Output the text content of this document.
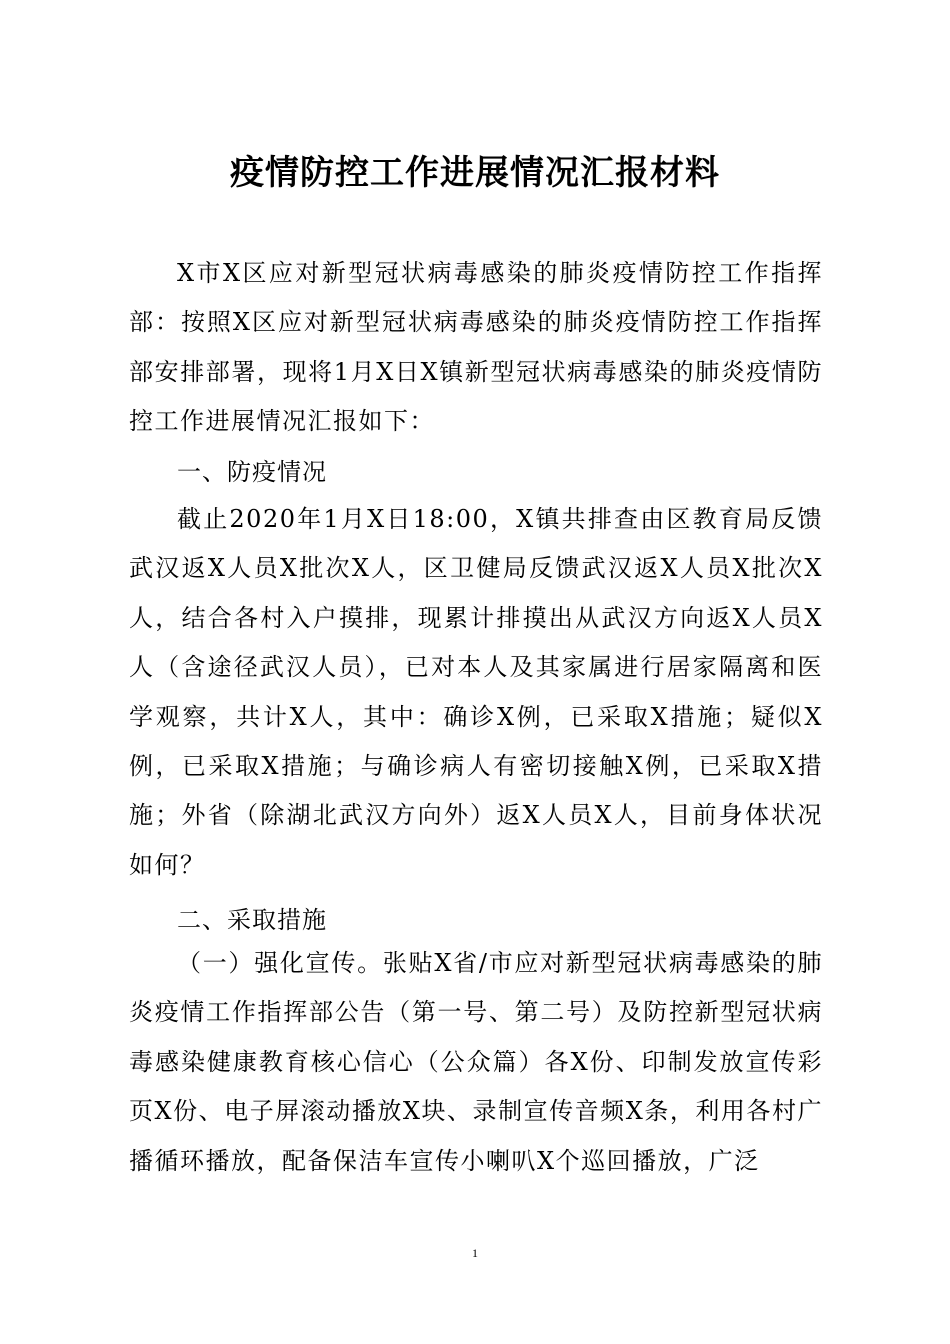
疫情防控工作进展情况汇报材料
X市X区应对新型冠状病毒感染的肺炎疫情防控工作指挥部：按照X区应对新型冠状病毒感染的肺炎疫情防控工作指挥部安排部署，现将1月X日X镇新型冠状病毒感染的肺炎疫情防控工作进展情况汇报如下：
一、防疫情况
截止2020年1月X日18:00，X镇共排查由区教育局反馈武汉返X人员X批次X人，区卫健局反馈武汉返X人员X批次X人，结合各村入户摸排，现累计排摸出从武汉方向返X人员X人（含途径武汉人员），已对本人及其家属进行居家隔离和医学观察，共计X人，其中：确诊X例，已采取X措施；疑似X例，已采取X措施；与确诊病人有密切接触X例，已采取X措施；外省（除湖北武汉方向外）返X人员X人，目前身体状况如何？
二、采取措施
（一）强化宣传。张贴X省/市应对新型冠状病毒感染的肺炎疫情工作指挥部公告（第一号、第二号）及防控新型冠状病毒感染健康教育核心信心（公众篇）各X份、印制发放宣传彩页X份、电子屏滚动播放X块、录制宣传音频X条，利用各村广播循环播放，配备保洁车宣传小喇叭X个巡回播放，广泛
1
